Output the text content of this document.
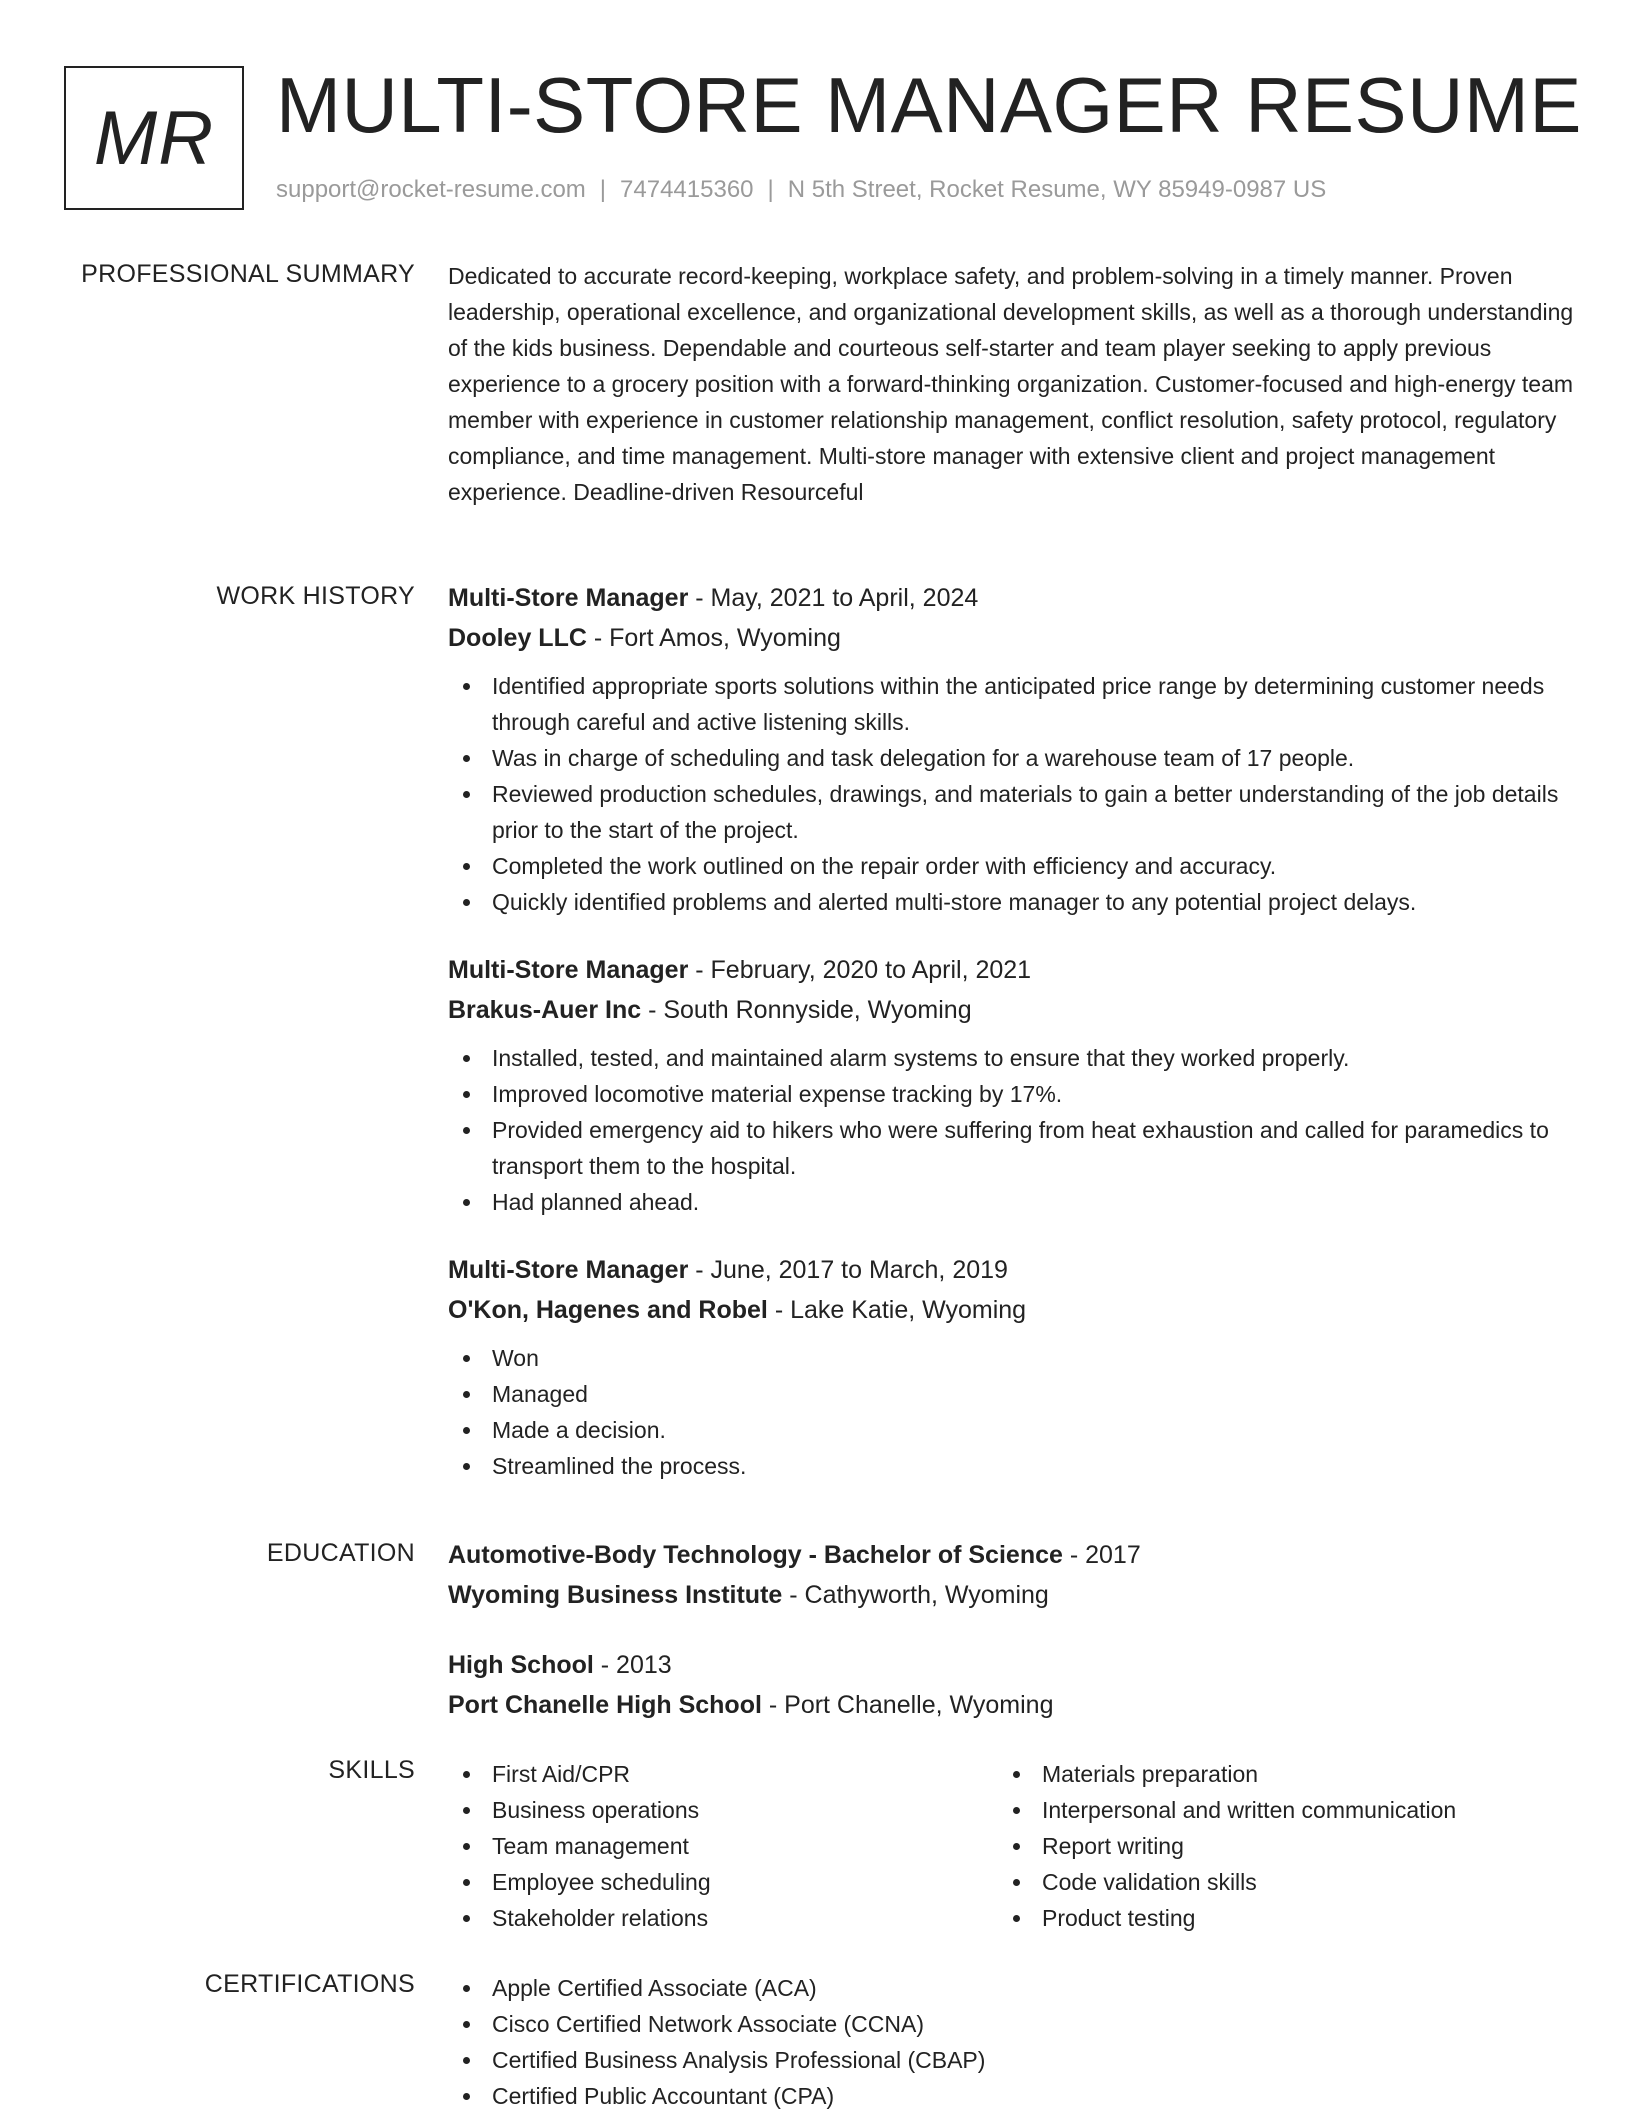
MR MULTI-STORE MANAGER RESUME
support@rocket-resume.com | 7474415360 | N 5th Street, Rocket Resume, WY 85949-0987 US
PROFESSIONAL SUMMARY Dedicated to accurate record-keeping, workplace safety, and problem-solving in a timely manner. Proven leadership, operational excellence, and organizational development skills, as well as a thorough understanding of the kids business. Dependable and courteous self-starter and team player seeking to apply previous experience to a grocery position with a forward-thinking organization. Customer-focused and high-energy team member with experience in customer relationship management, conflict resolution, safety protocol, regulatory compliance, and time management. Multi-store manager with extensive client and project management experience. Deadline-driven Resourceful
WORK HISTORY Multi-Store Manager - May, 2021 to April, 2024
Dooley LLC - Fort Amos, Wyoming
Identified appropriate sports solutions within the anticipated price range by determining customer needs through careful and active listening skills.
Was in charge of scheduling and task delegation for a warehouse team of 17 people.
Reviewed production schedules, drawings, and materials to gain a better understanding of the job details prior to the start of the project.
Completed the work outlined on the repair order with efficiency and accuracy.
Quickly identified problems and alerted multi-store manager to any potential project delays.
Multi-Store Manager - February, 2020 to April, 2021
Brakus-Auer Inc - South Ronnyside, Wyoming
Installed, tested, and maintained alarm systems to ensure that they worked properly.
Improved locomotive material expense tracking by 17%.
Provided emergency aid to hikers who were suffering from heat exhaustion and called for paramedics to transport them to the hospital.
Had planned ahead.
Multi-Store Manager - June, 2017 to March, 2019
O'Kon, Hagenes and Robel - Lake Katie, Wyoming
Won
Managed
Made a decision.
Streamlined the process.
EDUCATION Automotive-Body Technology - Bachelor of Science - 2017
Wyoming Business Institute - Cathyworth, Wyoming
High School - 2013
Port Chanelle High School - Port Chanelle, Wyoming
SKILLS	First Aid/CPR
Business operations
Team management
Employee scheduling
Stakeholder relations
Materials preparation
Interpersonal and written communication
Report writing
Code validation skills
Product testing
CERTIFICATIONS	Apple Certified Associate (ACA)
Cisco Certified Network Associate (CCNA)
Certified Business Analysis Professional (CBAP)
Certified Public Accountant (CPA)
